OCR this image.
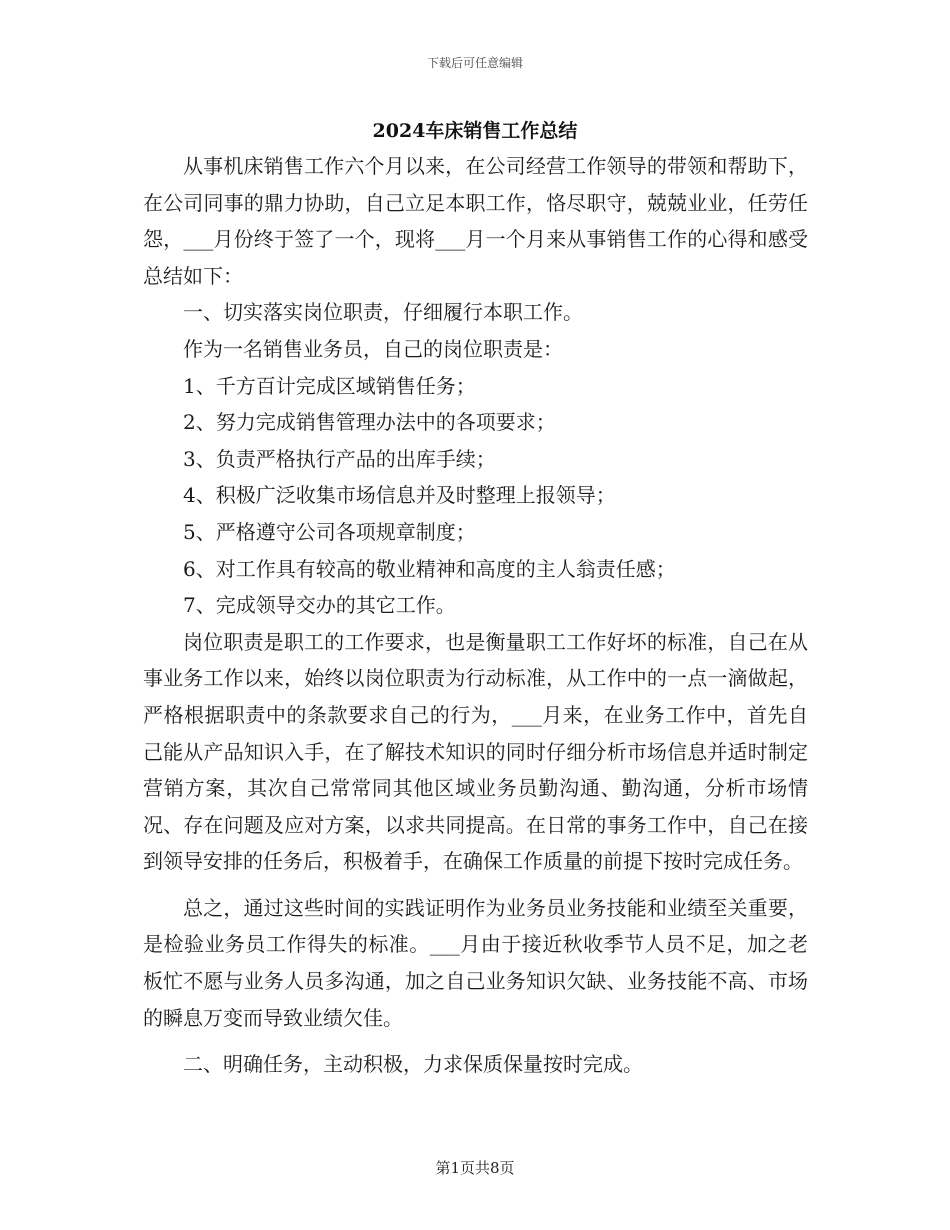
下载后可任意编辑
2024车床销售工作总结

从事机床销售工作六个月以来，在公司经营工作领导的带领和帮助下，在公司同事的鼎力协助，自己立足本职工作，恪尽职守，兢兢业业，任劳任怨，___月份终于签了一个，现将___月一个月来从事销售工作的心得和感受总结如下：

一、切实落实岗位职责，仔细履行本职工作。

作为一名销售业务员，自己的岗位职责是：

1、千方百计完成区域销售任务；

2、努力完成销售管理办法中的各项要求；

3、负责严格执行产品的出库手续；

4、积极广泛收集市场信息并及时整理上报领导；

5、严格遵守公司各项规章制度；

6、对工作具有较高的敬业精神和高度的主人翁责任感；

7、完成领导交办的其它工作。

岗位职责是职工的工作要求，也是衡量职工工作好坏的标准，自己在从事业务工作以来，始终以岗位职责为行动标准，从工作中的一点一滴做起，严格根据职责中的条款要求自己的行为，___月来，在业务工作中，首先自己能从产品知识入手，在了解技术知识的同时仔细分析市场信息并适时制定营销方案，其次自己常常同其他区域业务员勤沟通、勤沟通，分析市场情况、存在问题及应对方案，以求共同提高。在日常的事务工作中，自己在接到领导安排的任务后，积极着手，在确保工作质量的前提下按时完成任务。

总之，通过这些时间的实践证明作为业务员业务技能和业绩至关重要，是检验业务员工作得失的标准。___月由于接近秋收季节人员不足，加之老板忙不愿与业务人员多沟通，加之自己业务知识欠缺、业务技能不高、市场的瞬息万变而导致业绩欠佳。

二、明确任务，主动积极，力求保质保量按时完成。

第1页共8页
